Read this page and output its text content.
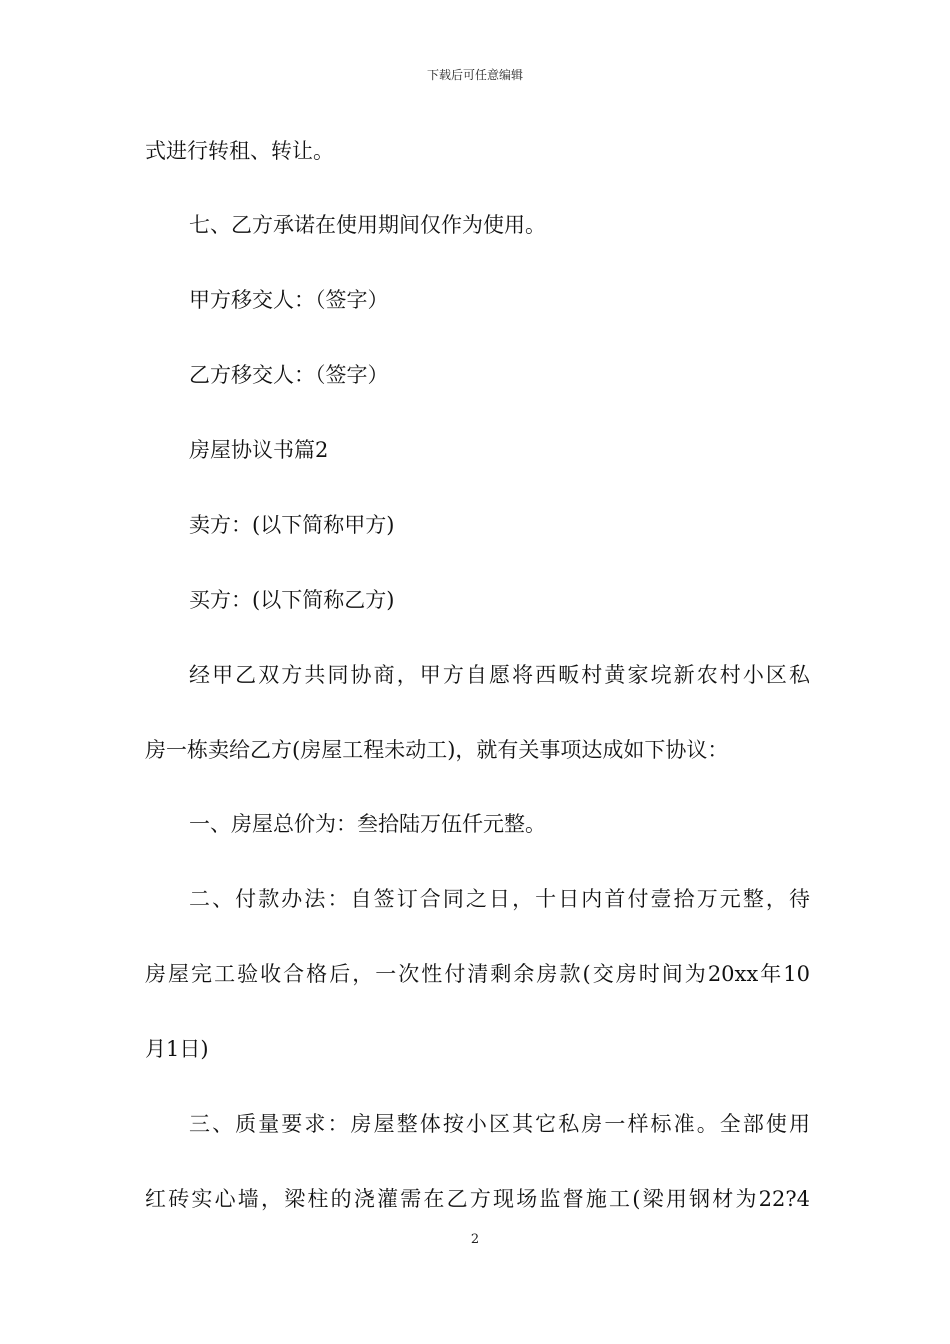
下载后可任意编辑
式进行转租、转让。
七、乙方承诺在使用期间仅作为使用。
甲方移交人：（签字）
乙方移交人：（签字）
房屋协议书篇2
卖方：(以下简称甲方)
买方：(以下简称乙方)
经甲乙双方共同协商，甲方自愿将西畈村黄家垸新农村小区私
房一栋卖给乙方(房屋工程未动工)，就有关事项达成如下协议：
一、房屋总价为：叁拾陆万伍仟元整。
二、付款办法：自签订合同之日，十日内首付壹拾万元整，待
房屋完工验收合格后，一次性付清剩余房款(交房时间为20xx年10
月1日)
三、质量要求：房屋整体按小区其它私房一样标准。全部使用
红砖实心墙，梁柱的浇灌需在乙方现场监督施工(梁用钢材为22?4
2
